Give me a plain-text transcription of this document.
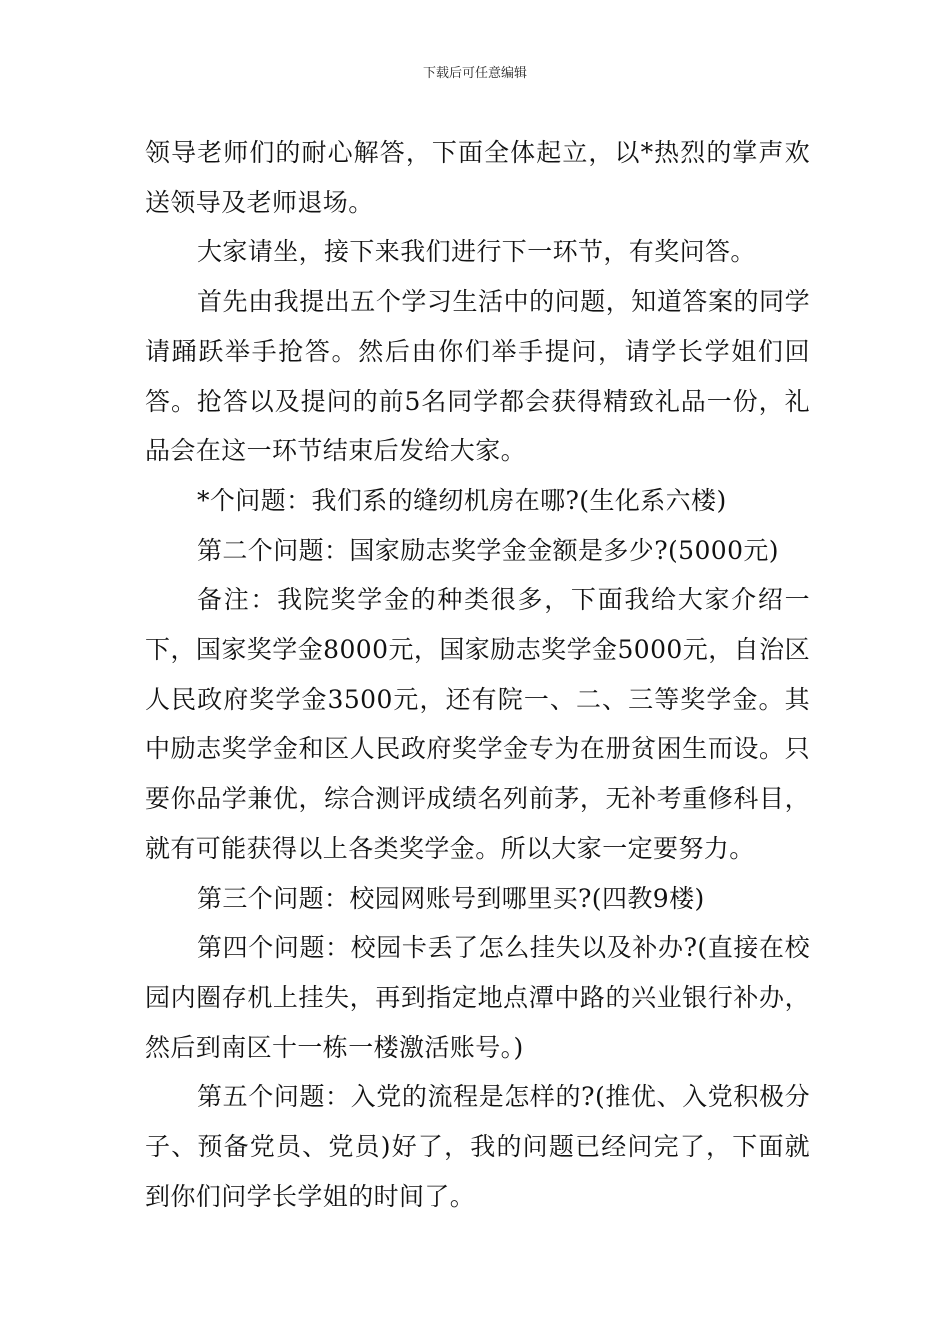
下载后可任意编辑

领导老师们的耐心解答，下面全体起立，以*热烈的掌声欢送领导及老师退场。

大家请坐，接下来我们进行下一环节，有奖问答。

首先由我提出五个学习生活中的问题，知道答案的同学请踊跃举手抢答。然后由你们举手提问，请学长学姐们回答。抢答以及提问的前5名同学都会获得精致礼品一份，礼品会在这一环节结束后发给大家。

*个问题：我们系的缝纫机房在哪?(生化系六楼)

第二个问题：国家励志奖学金金额是多少?(5000元)

备注：我院奖学金的种类很多，下面我给大家介绍一下，国家奖学金8000元，国家励志奖学金5000元，自治区人民政府奖学金3500元，还有院一、二、三等奖学金。其中励志奖学金和区人民政府奖学金专为在册贫困生而设。只要你品学兼优，综合测评成绩名列前茅，无补考重修科目，就有可能获得以上各类奖学金。所以大家一定要努力。

第三个问题：校园网账号到哪里买?(四教9楼)

第四个问题：校园卡丢了怎么挂失以及补办?(直接在校园内圈存机上挂失，再到指定地点潭中路的兴业银行补办，然后到南区十一栋一楼激活账号。)

第五个问题：入党的流程是怎样的?(推优、入党积极分子、预备党员、党员)好了，我的问题已经问完了，下面就到你们问学长学姐的时间了。
